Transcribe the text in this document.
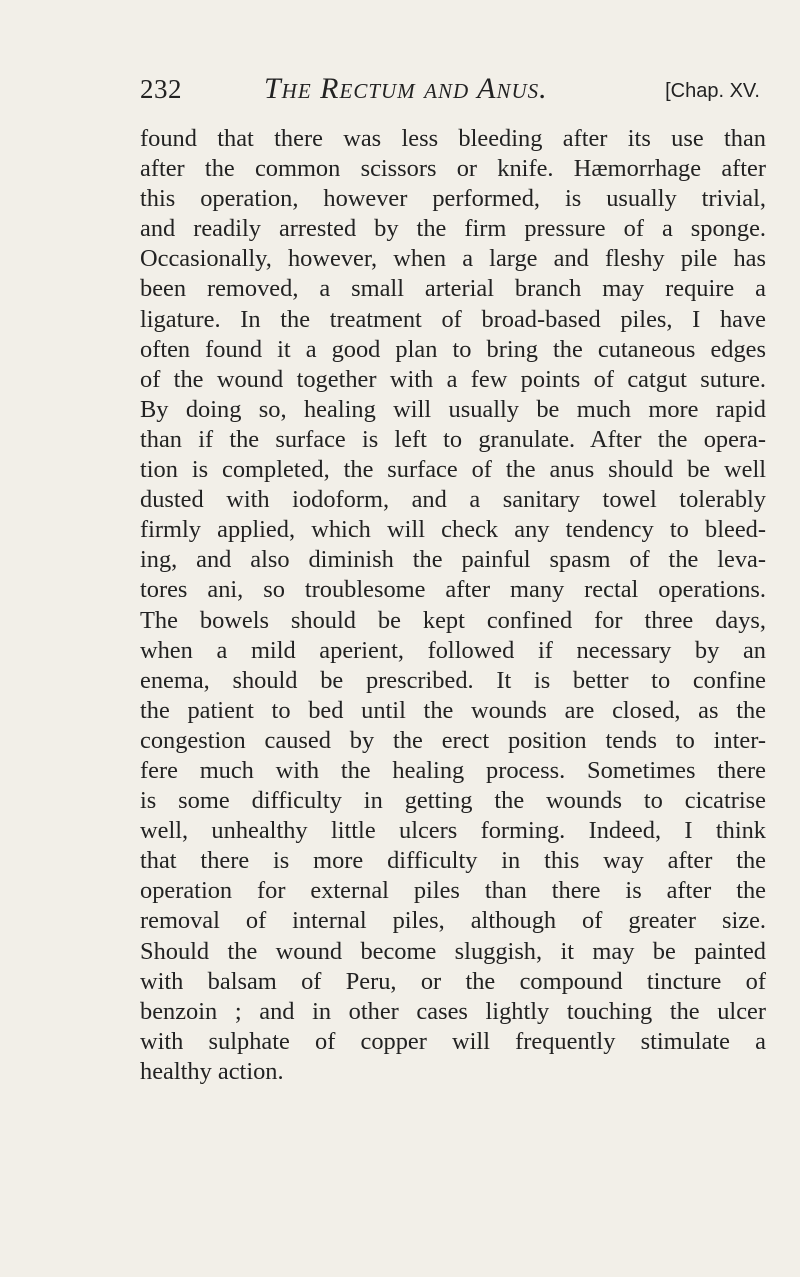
232	The Rectum and Anus.	[Chap. XV.
found that there was less bleeding after its use than
after the common scissors or knife. Hæmorrhage after
this operation, however performed, is usually trivial,
and readily arrested by the firm pressure of a sponge.
Occasionally, however, when a large and fleshy pile has
been removed, a small arterial branch may require a
ligature. In the treatment of broad-based piles, I have
often found it a good plan to bring the cutaneous edges
of the wound together with a few points of catgut suture.
By doing so, healing will usually be much more rapid
than if the surface is left to granulate. After the opera-
tion is completed, the surface of the anus should be well
dusted with iodoform, and a sanitary towel tolerably
firmly applied, which will check any tendency to bleed-
ing, and also diminish the painful spasm of the leva-
tores ani, so troublesome after many rectal operations.
The bowels should be kept confined for three days,
when a mild aperient, followed if necessary by an
enema, should be prescribed. It is better to confine
the patient to bed until the wounds are closed, as the
congestion caused by the erect position tends to inter-
fere much with the healing process. Sometimes there
is some difficulty in getting the wounds to cicatrise
well, unhealthy little ulcers forming. Indeed, I think
that there is more difficulty in this way after the
operation for external piles than there is after the
removal of internal piles, although of greater size.
Should the wound become sluggish, it may be painted
with balsam of Peru, or the compound tincture of
benzoin ; and in other cases lightly touching the ulcer
with sulphate of copper will frequently stimulate a
healthy action.
